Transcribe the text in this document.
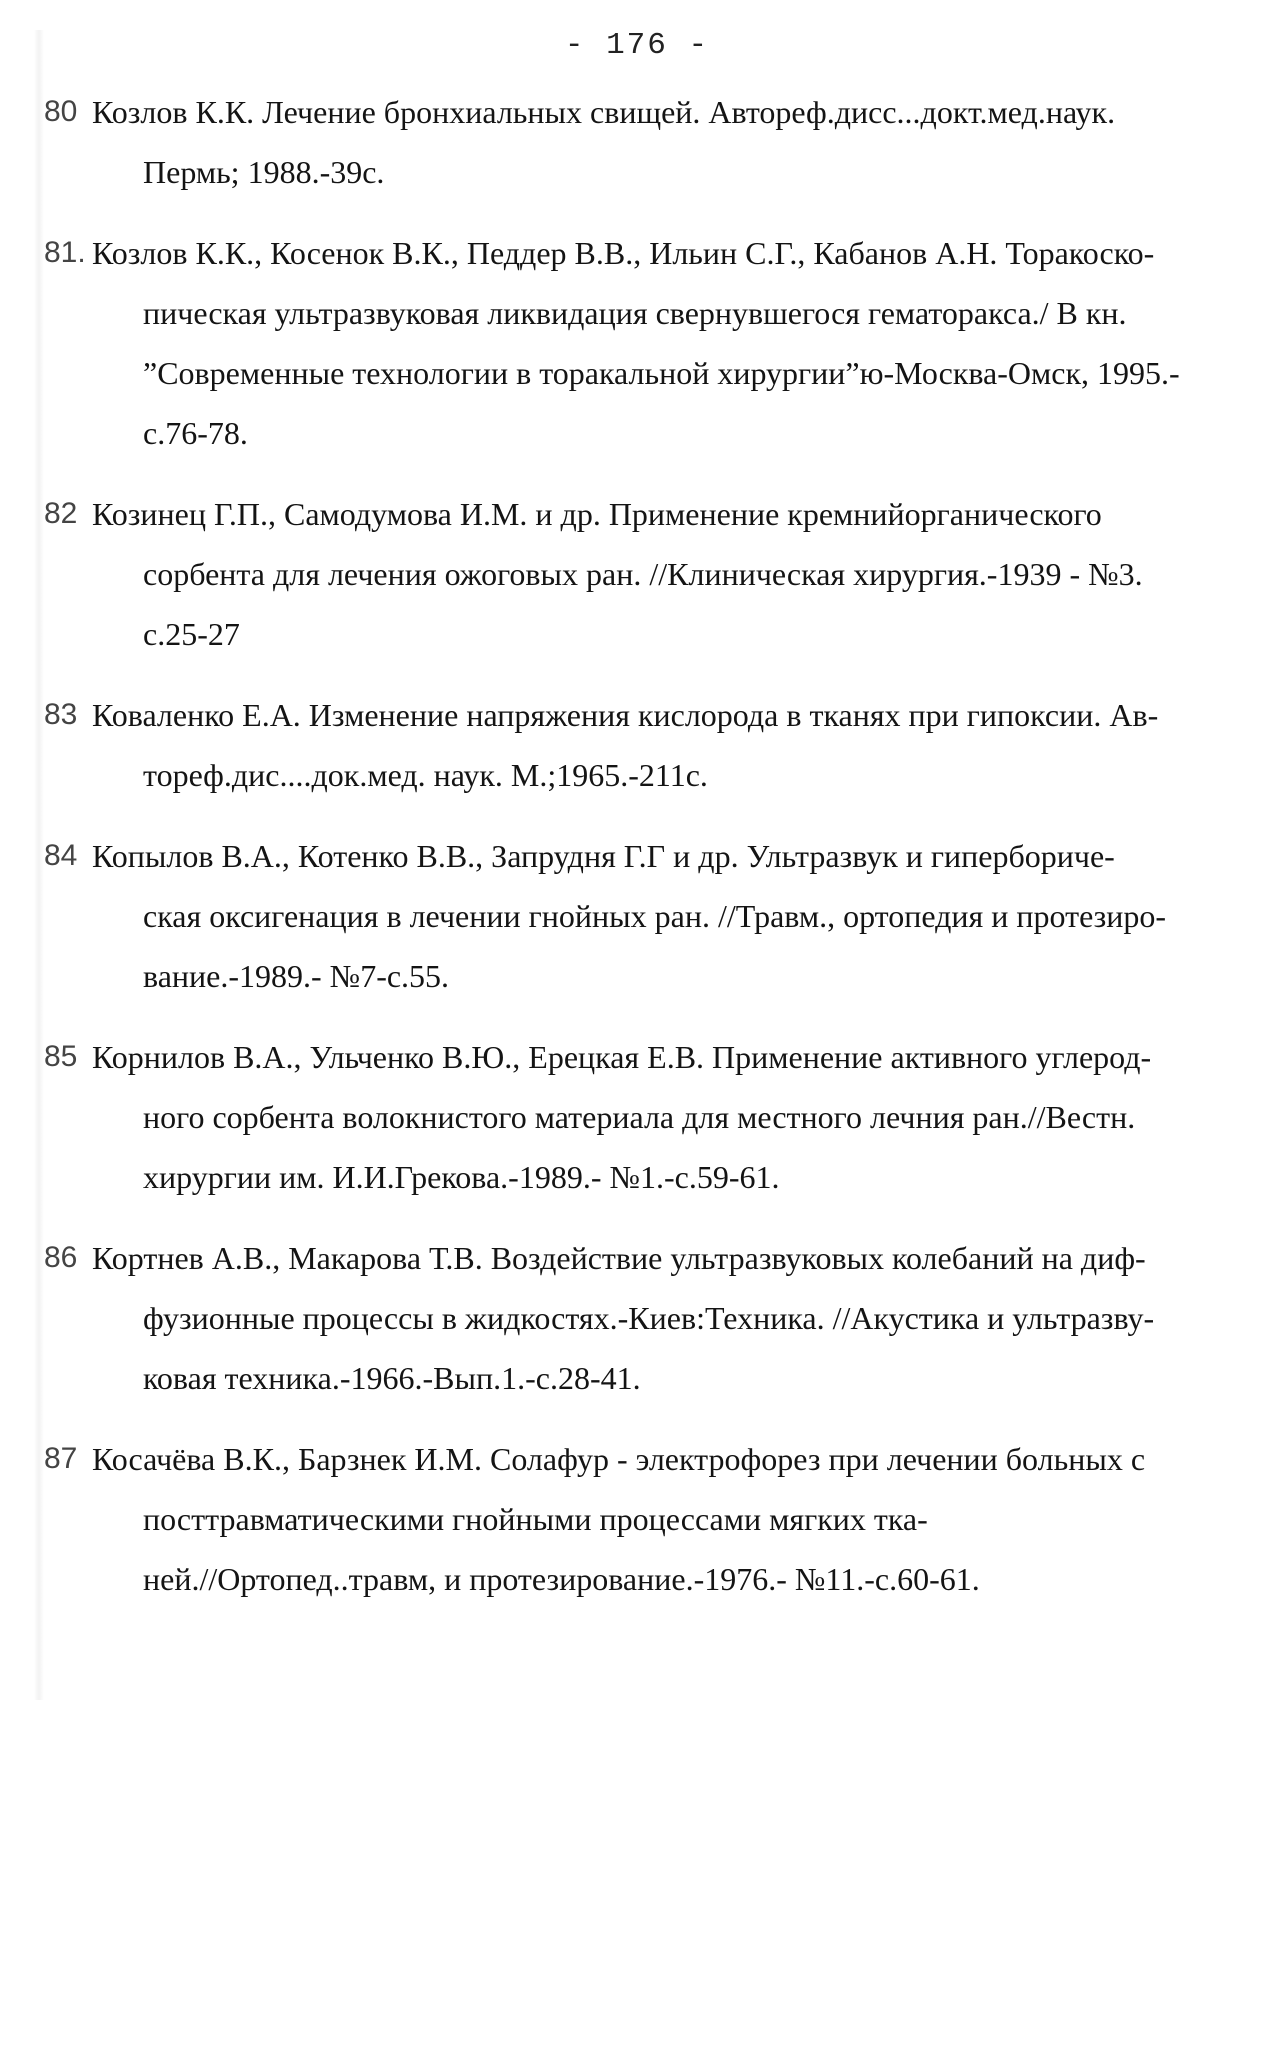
- 176 -
80 Козлов К.К. Лечение бронхиальных свищей. Автореф.дисс...докт.мед.наук.
Пермь; 1988.-39с.
81. Козлов К.К., Косенок В.К., Педдер В.В., Ильин С.Г., Кабанов А.Н. Торакоско-
пическая ультразвуковая ликвидация свернувшегося гематоракса./ В кн.
”Современные технологии в торакальной хирургии”ю-Москва-Омск, 1995.-
с.76-78.
82 Козинец Г.П., Самодумова И.М. и др. Применение кремнийорганического
сорбента для лечения ожоговых ран. //Клиническая хирургия.-1939 - №3.
с.25-27
83 Коваленко Е.А. Изменение напряжения кислорода в тканях при гипоксии. Ав-
тореф.дис....док.мед. наук. М.;1965.-211с.
84 Копылов В.А., Котенко В.В., Запрудня Г.Г и др. Ультразвук и гипербориче-
ская оксигенация в лечении гнойных ран. //Травм., ортопедия и протезиро-
вание.-1989.- №7-с.55.
85 Корнилов В.А., Ульченко В.Ю., Ерецкая Е.В. Применение активного углерод-
ного сорбента волокнистого материала для местного лечния ран.//Вестн.
хирургии им. И.И.Грекова.-1989.- №1.-с.59-61.
86 Кортнев А.В., Макарова Т.В. Воздействие ультразвуковых колебаний на диф-
фузионные процессы в жидкостях.-Киев:Техника. //Акустика и ультразву-
ковая техника.-1966.-Вып.1.-с.28-41.
87 Косачёва В.К., Барзнек И.М. Солафур - электрофорез при лечении больных с
посттравматическими гнойными процессами мягких тка-
ней.//Ортопед..травм, и протезирование.-1976.- №11.-с.60-61.
